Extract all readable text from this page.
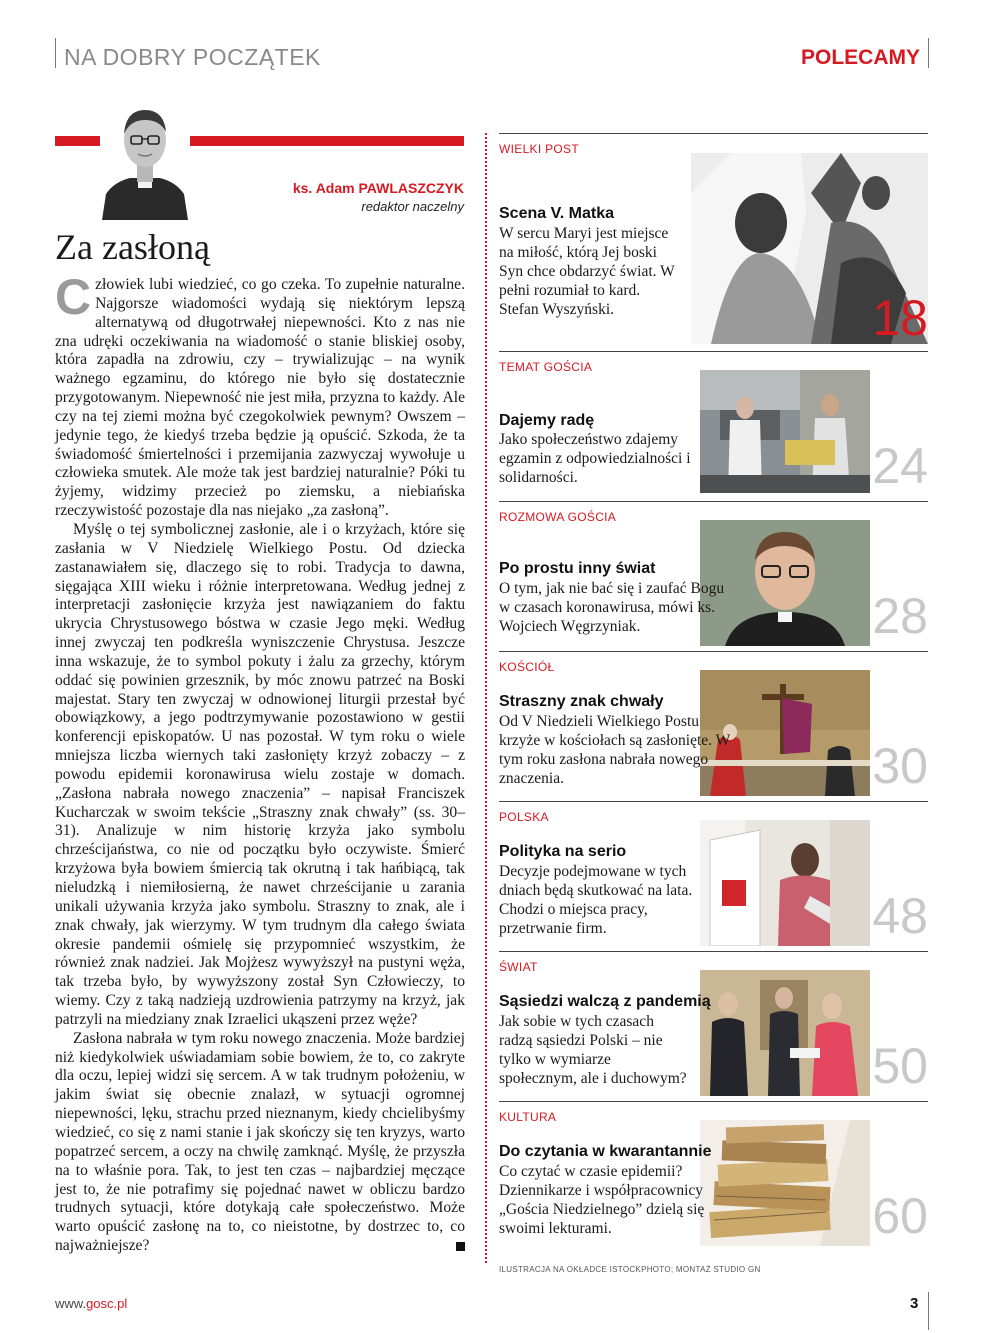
NA DOBRY POCZĄTEK	POLECAMY
ks. Adam PAWLASZCZYK
redaktor naczelny
Za zasłoną

Człowiek lubi wiedzieć, co go czeka. To zupełnie naturalne. Najgorsze wiadomości wydają się niektórym lepszą alternatywą od długotrwałej niepewności. Kto z nas nie zna udręki oczekiwania na wiadomość o stanie bliskiej osoby, która zapadła na zdrowiu, czy – trywializując – na wynik ważnego egzaminu, do którego nie było się dostatecznie przygotowanym. Niepewność nie jest miła, przyzna to każdy. Ale czy na tej ziemi można być czegokolwiek pewnym? Owszem – jedynie tego, że kiedyś trzeba będzie ją opuścić. Szkoda, że ta świadomość śmiertelności i przemijania zazwyczaj wywołuje u człowieka smutek. Ale może tak jest bardziej naturalnie? Póki tu żyjemy, widzimy przecież po ziemsku, a niebiańska rzeczywistość pozostaje dla nas niejako „za zasłoną”.

Myślę o tej symbolicznej zasłonie, ale i o krzyżach, które się zasłania w V Niedzielę Wielkiego Postu. Od dziecka zastanawiałem się, dlaczego się to robi. Tradycja to dawna, sięgająca XIII wieku i różnie interpretowana. Według jednej z interpretacji zasłonięcie krzyża jest nawiązaniem do faktu ukrycia Chrystusowego bóstwa w czasie Jego męki. Według innej zwyczaj ten podkreśla wyniszczenie Chrystusa. Jeszcze inna wskazuje, że to symbol pokuty i żalu za grzechy, którym oddać się powinien grzesznik, by móc znowu patrzeć na Boski majestat. Stary ten zwyczaj w odnowionej liturgii przestał być obowiązkowy, a jego podtrzymywanie pozostawiono w gestii konferencji episkopatów. U nas pozostał. W tym roku o wiele mniejsza liczba wiernych taki zasłonięty krzyż zobaczy – z powodu epidemii koronawirusa wielu zostaje w domach. „Zasłona nabrała nowego znaczenia” – napisał Franciszek Kucharczak w swoim tekście „Straszny znak chwały” (ss. 30–31). Analizuje w nim historię krzyża jako symbolu chrześcijaństwa, co nie od początku było oczywiste. Śmierć krzyżowa była bowiem śmiercią tak okrutną i tak hańbiącą, tak nieludzką i niemiłosierną, że nawet chrześcijanie u zarania unikali używania krzyża jako symbolu. Straszny to znak, ale i znak chwały, jak wierzymy. W tym trudnym dla całego świata okresie pandemii ośmielę się przypomnieć wszystkim, że również znak nadziei. Jak Mojżesz wywyższył na pustyni węża, tak trzeba było, by wywyższony został Syn Człowieczy, to wiemy. Czy z taką nadzieją uzdrowienia patrzymy na krzyż, jak patrzyli na miedziany znak Izraelici ukąszeni przez węże?

Zasłona nabrała w tym roku nowego znaczenia. Może bardziej niż kiedykolwiek uświadamiam sobie bowiem, że to, co zakryte dla oczu, lepiej widzi się sercem. A w tak trudnym położeniu, w jakim świat się obecnie znalazł, w sytuacji ogromnej niepewności, lęku, strachu przed nieznanym, kiedy chcielibyśmy wiedzieć, co się z nami stanie i jak skończy się ten kryzys, warto popatrzeć sercem, a oczy na chwilę zamknąć. Myślę, że przyszła na to właśnie pora. Tak, to jest ten czas – najbardziej męczące jest to, że nie potrafimy się pojednać nawet w obliczu bardzo trudnych sytuacji, które dotykają całe społeczeństwo. Może warto opuścić zasłonę na to, co nieistotne, by dostrzec to, co najważniejsze?

WIELKI POST
18
Scena V. Matka
W sercu Maryi jest miejsce na miłość, którą Jej boski Syn chce obdarzyć świat. W pełni rozumiał to kard. Stefan Wyszyński.
TEMAT GOŚCIA
24
Dajemy radę
Jako społeczeństwo zdajemy egzamin z odpowiedzialności i solidarności.
ROZMOWA GOŚCIA
28
Po prostu inny świat
O tym, jak nie bać się i zaufać Bogu w czasach koronawirusa, mówi ks. Wojciech Węgrzyniak.
KOŚCIÓŁ
30
Straszny znak chwały
Od V Niedzieli Wielkiego Postu krzyże w kościołach są zasłonięte. W tym roku zasłona nabrała nowego znaczenia.
POLSKA
48
Polityka na serio
Decyzje podejmowane w tych dniach będą skutkować na lata. Chodzi o miejsca pracy, przetrwanie firm.
ŚWIAT
50
Sąsiedzi walczą z pandemią
Jak sobie w tych czasach radzą sąsiedzi Polski – nie tylko w wymiarze społecznym, ale i duchowym?
KULTURA
60
Do czytania w kwarantannie
Co czytać w czasie epidemii? Dziennikarze i współpracownicy „Gościa Niedzielnego” dzielą się swoimi lekturami.
ILUSTRACJA NA OKŁADCE ISTOCKPHOTO; MONTAŻ STUDIO GN
www.gosc.pl	3
